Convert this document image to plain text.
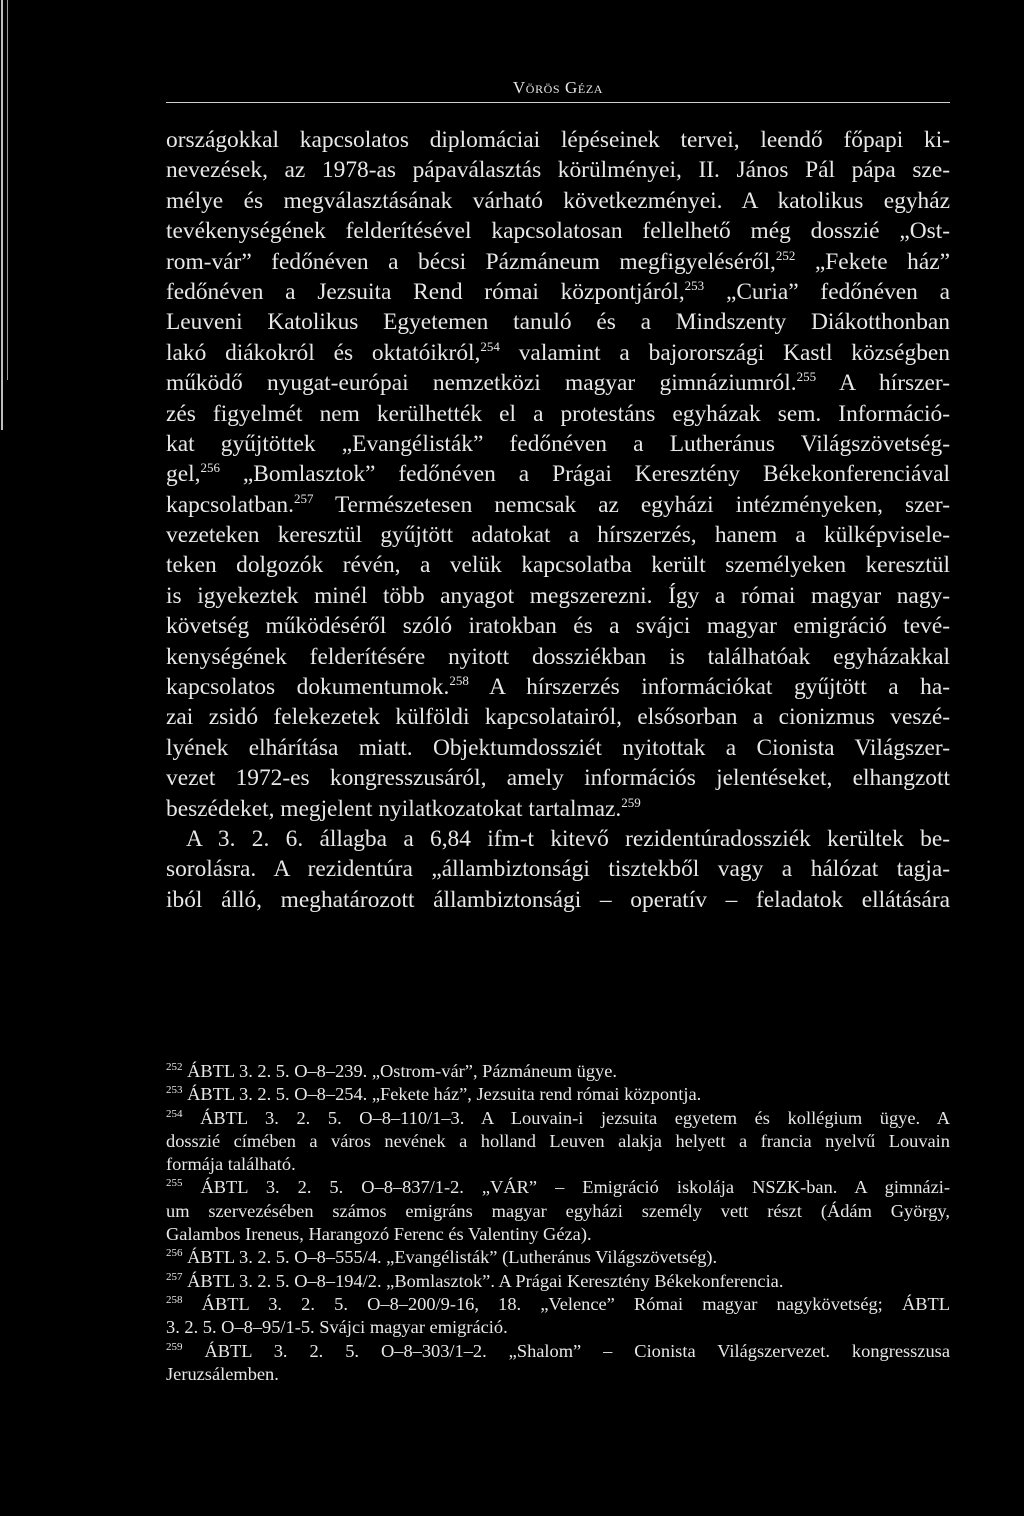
Vörös Géza
országokkal kapcsolatos diplomáciai lépéseinek tervei, leendő főpapi ki-
nevezések, az 1978-as pápaválasztás körülményei, II. János Pál pápa sze-
mélye és megválasztásának várható következményei. A katolikus egyház
tevékenységének felderítésével kapcsolatosan fellelhető még dosszié „Ost-
rom-vár” fedőnéven a bécsi Pázmáneum megfigyeléséről,$^{252}$ „Fekete ház”
fedőnéven a Jezsuita Rend római központjáról,$^{253}$ „Curia” fedőnéven a
Leuveni Katolikus Egyetemen tanuló és a Mindszenty Diákotthonban
lakó diákokról és oktatóikról,$^{254}$ valamint a bajorországi Kastl községben
működő nyugat-európai nemzetközi magyar gimnáziumról.$^{255}$ A hírszer-
zés figyelmét nem kerülhették el a protestáns egyházak sem. Információ-
kat gyűjtöttek „Evangélisták” fedőnéven a Lutheránus Világszövetség-
gel,$^{256}$ „Bomlasztok” fedőnéven a Prágai Keresztény Békekonferenciával
kapcsolatban.$^{257}$ Természetesen nemcsak az egyházi intézményeken, szer-
vezeteken keresztül gyűjtött adatokat a hírszerzés, hanem a külképvisele-
teken dolgozók révén, a velük kapcsolatba került személyeken keresztül
is igyekeztek minél több anyagot megszerezni. Így a római magyar nagy-
követség működéséről szóló iratokban és a svájci magyar emigráció tevé-
kenységének felderítésére nyitott dossziékban is találhatóak egyházakkal
kapcsolatos dokumentumok.$^{258}$ A hírszerzés információkat gyűjtött a ha-
zai zsidó felekezetek külföldi kapcsolatairól, elsősorban a cionizmus veszé-
lyének elhárítása miatt. Objektumdossziét nyitottak a Cionista Világszer-
vezet 1972-es kongresszusáról, amely információs jelentéseket, elhangzott
beszédeket, megjelent nyilatkozatokat tartalmaz.$^{259}$
A 3. 2. 6. állagba a 6,84 ifm-t kitevő rezidentúradossziék kerültek be-
sorolásra. A rezidentúra „állambiztonsági tisztekből vagy a hálózat tagja-
iból álló, meghatározott állambiztonsági – operatív – feladatok ellátására
$^{252}$ ÁBTL 3. 2. 5. O–8–239. „Ostrom-vár”, Pázmáneum ügye.
$^{253}$ ÁBTL 3. 2. 5. O–8–254. „Fekete ház”, Jezsuita rend római központja.
$^{254}$ ÁBTL 3. 2. 5. O–8–110/1–3. A Louvain-i jezsuita egyetem és kollégium ügye. A
dosszié címében a város nevének a holland Leuven alakja helyett a francia nyelvű Louvain
formája található.
$^{255}$ ÁBTL 3. 2. 5. O–8–837/1-2. „VÁR” – Emigráció iskolája NSZK-ban. A gimnázi-
um szervezésében számos emigráns magyar egyházi személy vett részt (Ádám György,
Galambos Ireneus, Harangozó Ferenc és Valentiny Géza).
$^{256}$ ÁBTL 3. 2. 5. O–8–555/4. „Evangélisták” (Lutheránus Világszövetség).
$^{257}$ ÁBTL 3. 2. 5. O–8–194/2. „Bomlasztok”. A Prágai Keresztény Békekonferencia.
$^{258}$ ÁBTL 3. 2. 5. O–8–200/9-16, 18. „Velence” Római magyar nagykövetség; ÁBTL
3. 2. 5. O–8–95/1-5. Svájci magyar emigráció.
$^{259}$ ÁBTL 3. 2. 5. O–8–303/1–2. „Shalom” – Cionista Világszervezet. kongresszusa
Jeruzsálemben.
